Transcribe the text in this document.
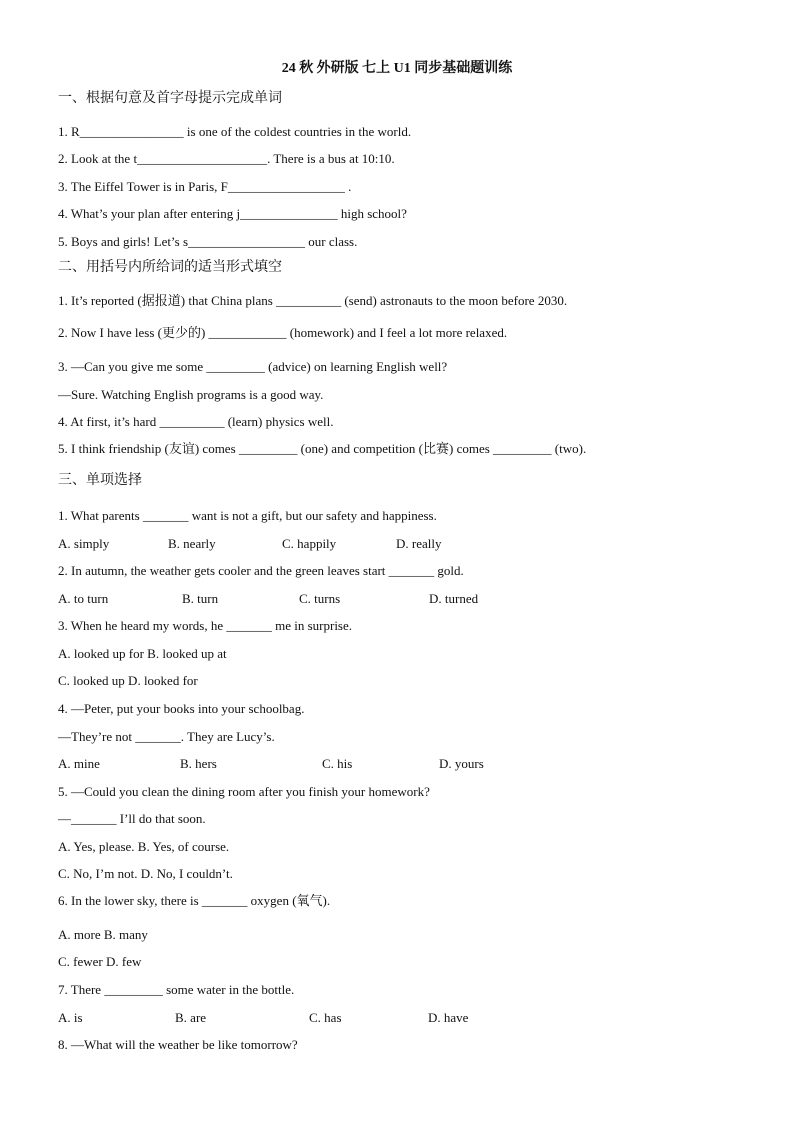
24 秋 外研版 七上 U1 同步基础题训练
一、根据句意及首字母提示完成单词
1. R________________ is one of the coldest countries in the world.
2. Look at the t____________________. There is a bus at 10:10.
3. The Eiffel Tower is in Paris, F__________________ .
4. What’s your plan after entering j_______________ high school?
5. Boys and girls! Let’s s__________________ our class.
二、用括号内所给词的适当形式填空
1. It’s reported (据报道) that China plans __________ (send) astronauts to the moon before 2030.
2. Now I have less (更少的) ____________ (homework) and I feel a lot more relaxed.
3. —Can you give me some _________ (advice) on learning English well?
—Sure. Watching English programs is a good way.
4. At first, it’s hard __________ (learn) physics well.
5. I think friendship (友谊) comes _________ (one) and competition (比赛) comes _________ (two).
三、单项选择
1. What parents _______ want is not a gift, but our safety and happiness.
A. simply	B. nearly	C. happily	D. really
2. In autumn, the weather gets cooler and the green leaves start _______ gold.
A. to turn	B. turn	C. turns	D. turned
3. When he heard my words, he _______ me in surprise.
A. looked up for B. looked up at
C. looked up D. looked for
4. —Peter, put your books into your schoolbag.
—They’re not _______. They are Lucy’s.
A. mine	B. hers	C. his	D. yours
5. —Could you clean the dining room after you finish your homework?
—_______ I’ll do that soon.
A. Yes, please. B. Yes, of course.
C. No, I’m not. D. No, I couldn’t.
6. In the lower sky, there is _______ oxygen (氧气).
A. more B. many
C. fewer D. few
7. There _________ some water in the bottle.
A. is	B. are	C. has	D. have
8. —What will the weather be like tomorrow?
